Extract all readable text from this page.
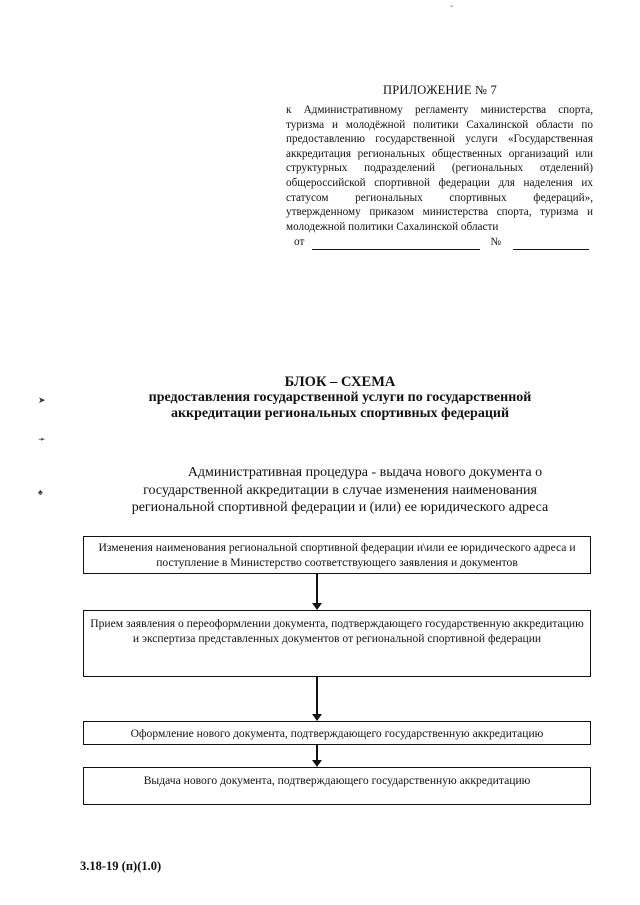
ПРИЛОЖЕНИЕ № 7

к Административному регламенту министерства спорта, туризма и молодёжной политики Сахалинской области по предоставлению государственной услуги «Государственная аккредитация региональных общественных организаций или структурных подразделений (региональных отделений) общероссийской спортивной федерации для наделения их статусом региональных спортивных федераций», утвержденному приказом министерства спорта, туризма и молодежной политики Сахалинской области

от	№
БЛОК – СХЕМА
предоставления государственной услуги по государственной
аккредитации региональных спортивных федераций
Административная процедура - выдача нового документа о
государственной аккредитации в случае изменения наименования
региональной спортивной федерации и (или) ее юридического адреса
Изменения наименования региональной спортивной федерации и\или ее юридического адреса и поступление в Министерство соответствующего заявления и документов
Прием заявления о переоформлении документа, подтверждающего государственную аккредитацию и экспертиза представленных документов от региональной спортивной федерации
Оформление нового документа, подтверждающего государственную аккредитацию
Выдача нового документа, подтверждающего государственную аккредитацию
3.18-19 (п)(1.0)
˘
➤
➛
♠
